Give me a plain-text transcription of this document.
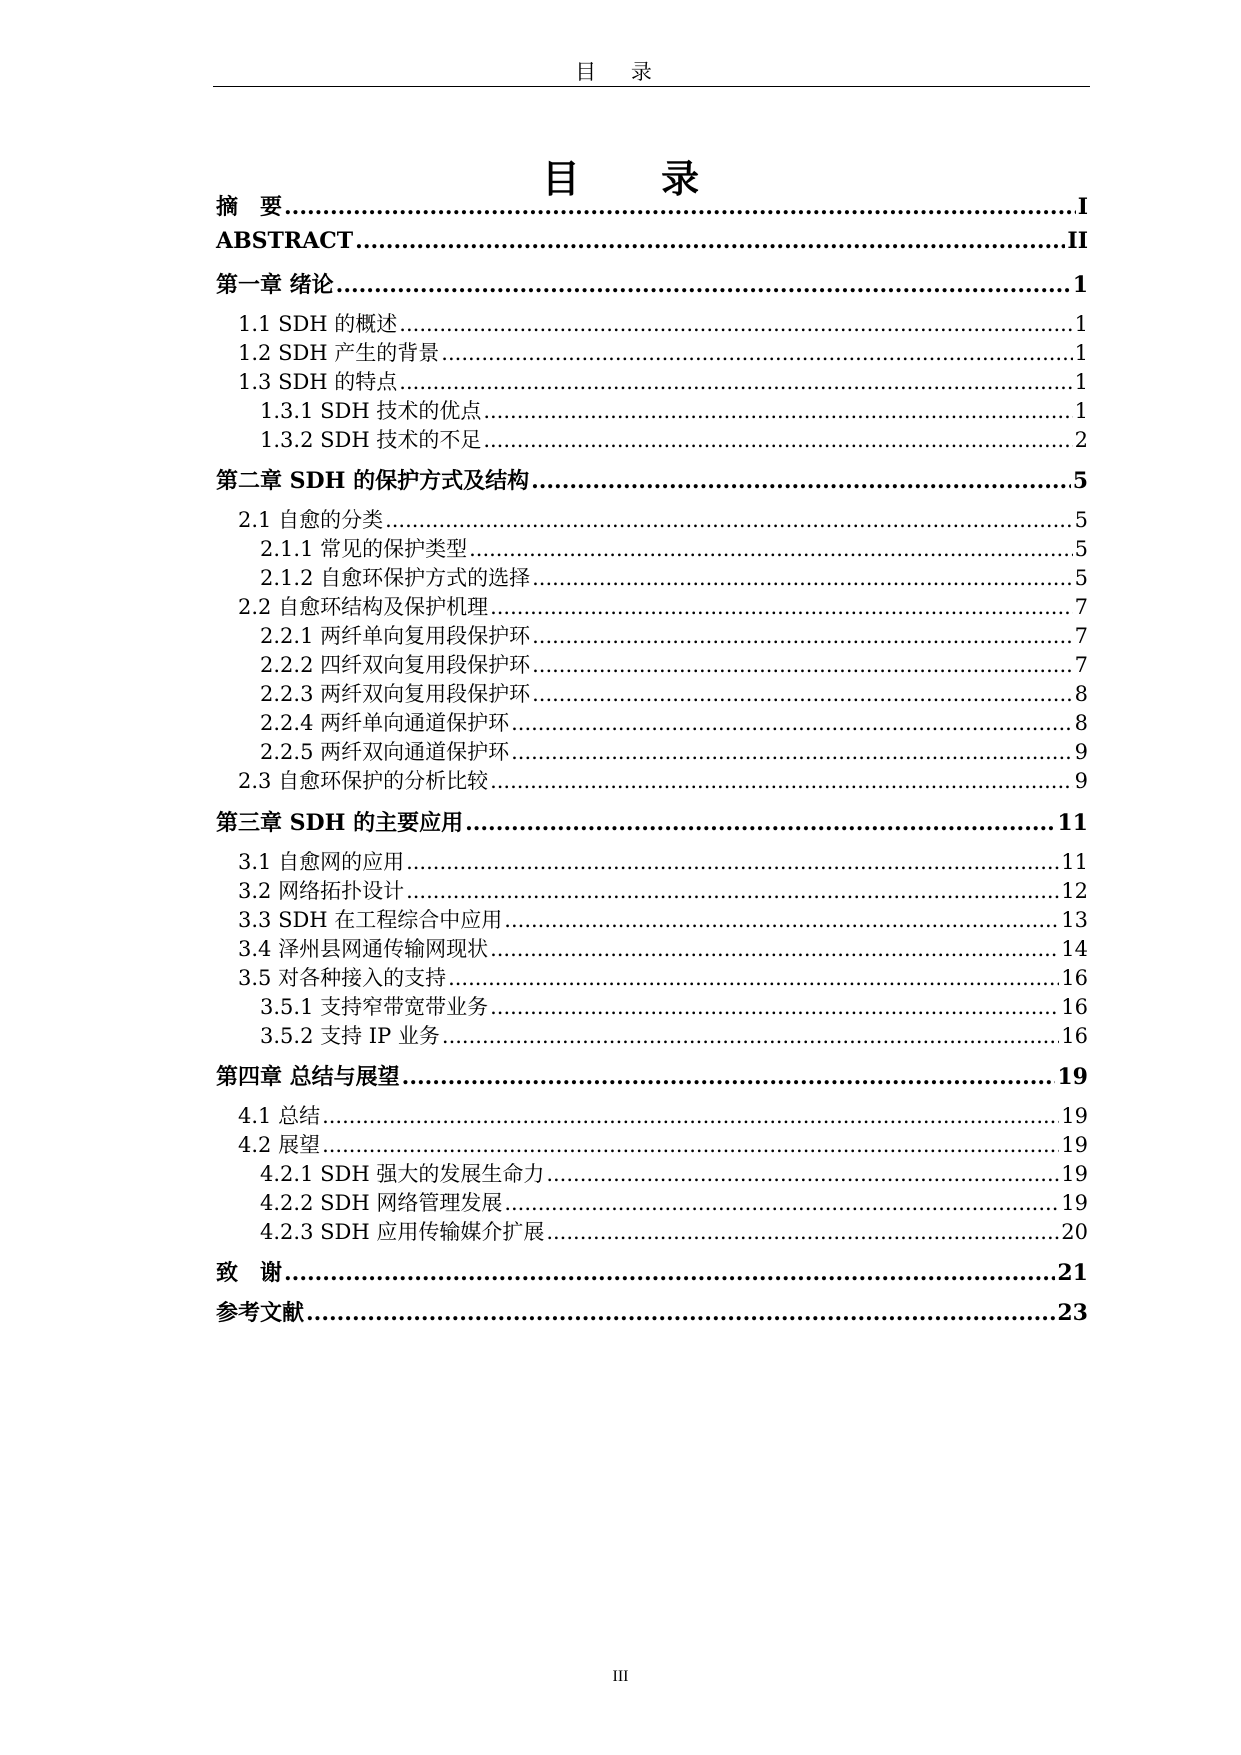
目 录
目 录
摘　要 .....	I
ABSTRACT .....	II
第一章 绪论 .....	1
1.1 SDH 的概述 .....	1
1.2 SDH 产生的背景 .....	1
1.3 SDH 的特点 .....	1
1.3.1 SDH 技术的优点 .....	1
1.3.2 SDH 技术的不足 .....	2
第二章 SDH 的保护方式及结构 .....	5
2.1 自愈的分类 .....	5
2.1.1 常见的保护类型 .....	5
2.1.2 自愈环保护方式的选择 .....	5
2.2 自愈环结构及保护机理 .....	7
2.2.1 两纤单向复用段保护环 .....	7
2.2.2 四纤双向复用段保护环 .....	7
2.2.3 两纤双向复用段保护环 .....	8
2.2.4 两纤单向通道保护环 .....	8
2.2.5 两纤双向通道保护环 .....	9
2.3 自愈环保护的分析比较 .....	9
第三章 SDH 的主要应用 .....	11
3.1 自愈网的应用 .....	11
3.2 网络拓扑设计 .....	12
3.3 SDH 在工程综合中应用 .....	13
3.4 泽州县网通传输网现状 .....	14
3.5 对各种接入的支持 .....	16
3.5.1 支持窄带宽带业务 .....	16
3.5.2 支持 IP 业务 .....	16
第四章 总结与展望 .....	19
4.1 总结 .....	19
4.2 展望 .....	19
4.2.1 SDH 强大的发展生命力 .....	19
4.2.2 SDH 网络管理发展 .....	19
4.2.3 SDH 应用传输媒介扩展 .....	20
致　谢 .....	21
参考文献 .....	23
III
